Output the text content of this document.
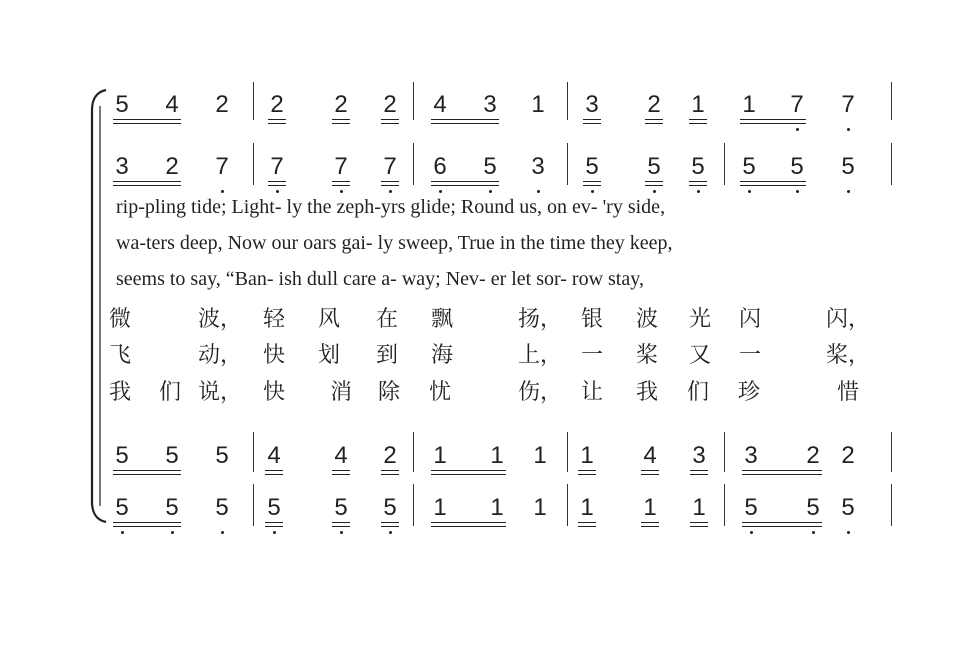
5 4 2 2 2 2 4 3 1 3 2 1 1 7 7
3 2 7 7 7 7 6 5 3 5 5 5 5 5 5
5 5 5 4 4 2 1 1 1 1 4 3 3 2 2
5 5 5 5 5 5 1 1 1 1 1 1 5 5 5
rip-pling tide; Light- ly the zeph-yrs glide; Round us, on ev- 'ry side,
wa-ters deep, Now our oars gai- ly sweep, True in the time they keep,
seems to say, “Ban- ish dull care a- way; Nev- er let sor- row stay,
微	波， 轻 风 在 飘	扬， 银 波 光 闪	闪，
飞	动， 快 划 到 海	上， 一 桨 又 一	桨，
我 们 说， 快 消 除 忧	伤， 让 我 们 珍	惜
